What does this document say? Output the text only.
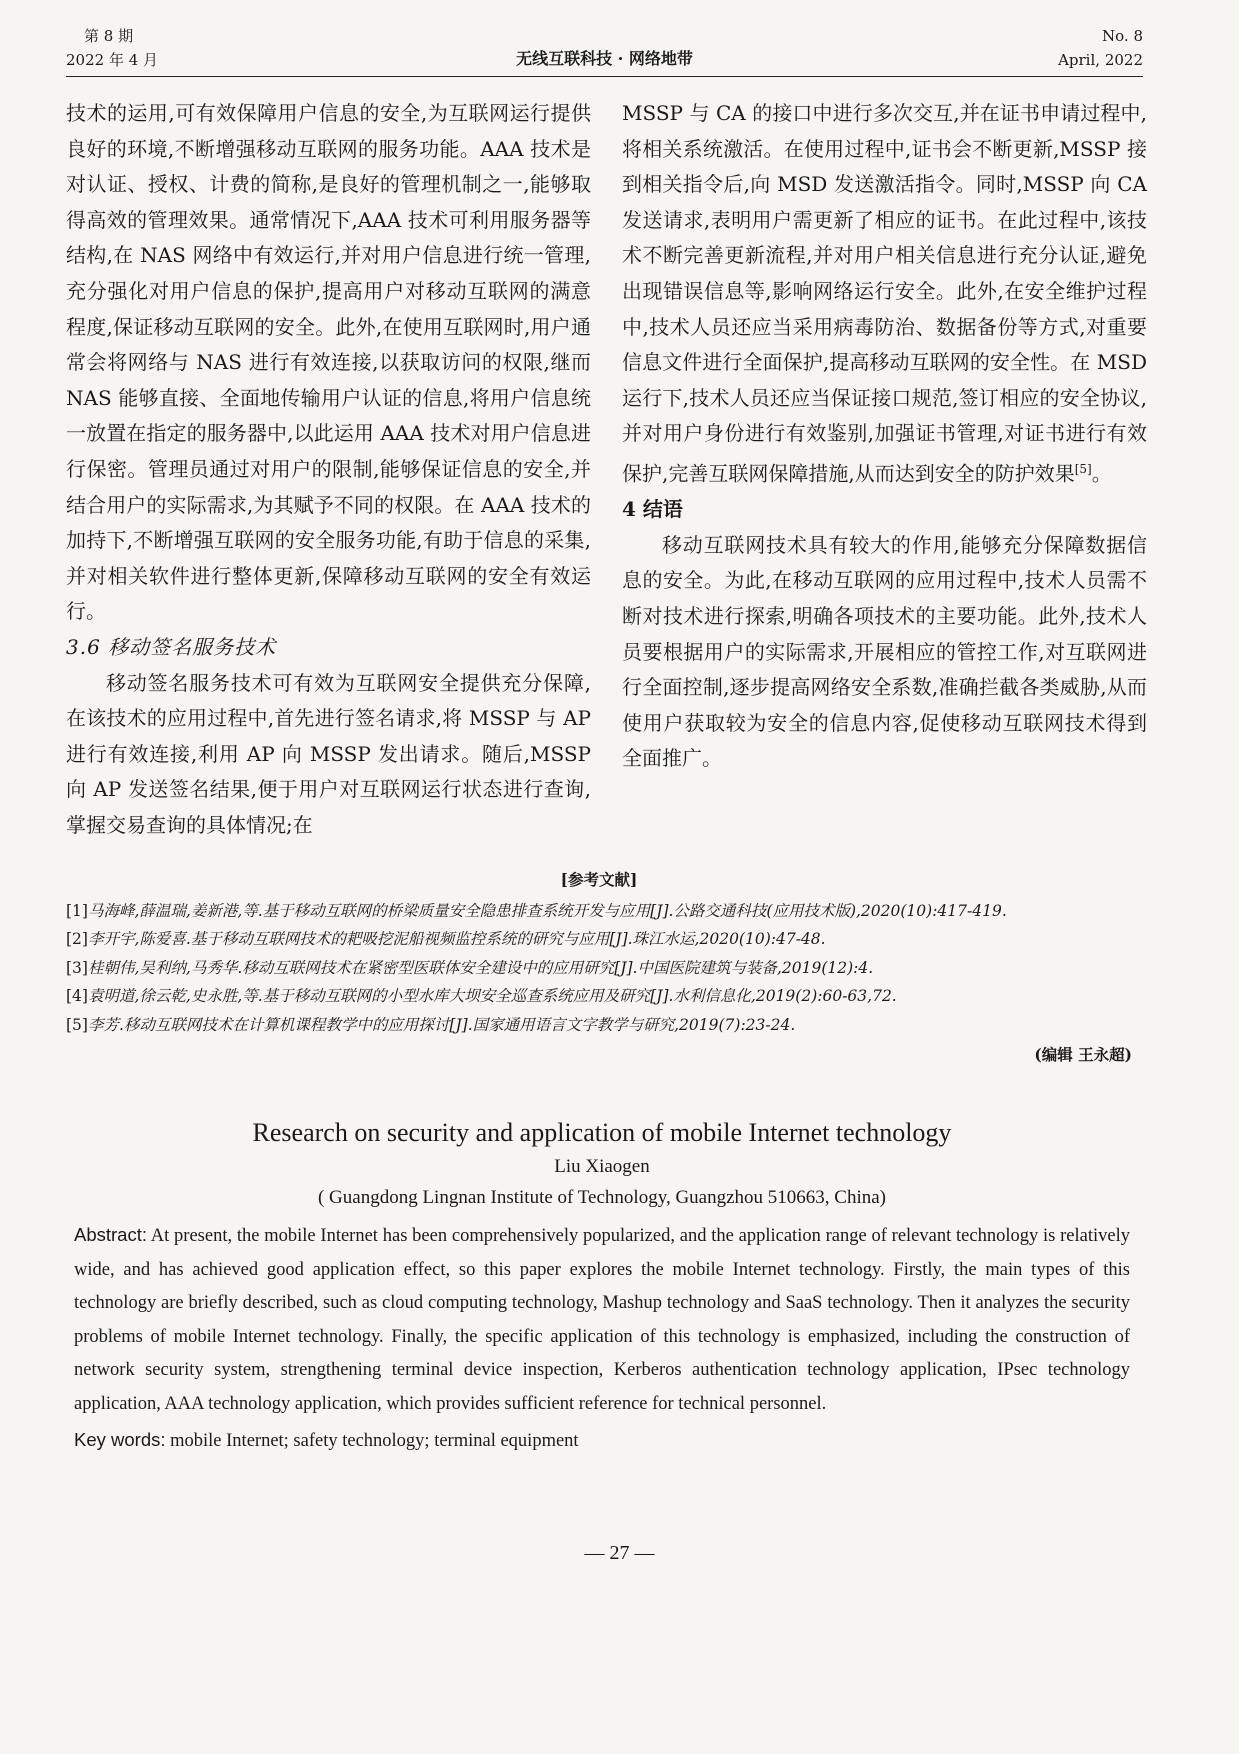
第 8 期
2022 年 4 月	无线互联科技 · 网络地带
No. 8
April, 2022

技术的运用,可有效保障用户信息的安全,为互联网运行提供良好的环境,不断增强移动互联网的服务功能。AAA 技术是对认证、授权、计费的简称,是良好的管理机制之一,能够取得高效的管理效果。通常情况下,AAA 技术可利用服务器等结构,在 NAS 网络中有效运行,并对用户信息进行统一管理,充分强化对用户信息的保护,提高用户对移动互联网的满意程度,保证移动互联网的安全。此外,在使用互联网时,用户通常会将网络与 NAS 进行有效连接,以获取访问的权限,继而 NAS 能够直接、全面地传输用户认证的信息,将用户信息统一放置在指定的服务器中,以此运用 AAA 技术对用户信息进行保密。管理员通过对用户的限制,能够保证信息的安全,并结合用户的实际需求,为其赋予不同的权限。在 AAA 技术的加持下,不断增强互联网的安全服务功能,有助于信息的采集,并对相关软件进行整体更新,保障移动互联网的安全有效运行。

3.6 移动签名服务技术

移动签名服务技术可有效为互联网安全提供充分保障,在该技术的应用过程中,首先进行签名请求,将 MSSP 与 AP 进行有效连接,利用 AP 向 MSSP 发出请求。随后,MSSP 向 AP 发送签名结果,便于用户对互联网运行状态进行查询,掌握交易查询的具体情况;在

MSSP 与 CA 的接口中进行多次交互,并在证书申请过程中,将相关系统激活。在使用过程中,证书会不断更新,MSSP 接到相关指令后,向 MSD 发送激活指令。同时,MSSP 向 CA 发送请求,表明用户需更新了相应的证书。在此过程中,该技术不断完善更新流程,并对用户相关信息进行充分认证,避免出现错误信息等,影响网络运行安全。此外,在安全维护过程中,技术人员还应当采用病毒防治、数据备份等方式,对重要信息文件进行全面保护,提高移动互联网的安全性。在 MSD 运行下,技术人员还应当保证接口规范,签订相应的安全协议,并对用户身份进行有效鉴别,加强证书管理,对证书进行有效保护,完善互联网保障措施,从而达到安全的防护效果[5]。

4 结语

移动互联网技术具有较大的作用,能够充分保障数据信息的安全。为此,在移动互联网的应用过程中,技术人员需不断对技术进行探索,明确各项技术的主要功能。此外,技术人员要根据用户的实际需求,开展相应的管控工作,对互联网进行全面控制,逐步提高网络安全系数,准确拦截各类威胁,从而使用户获取较为安全的信息内容,促使移动互联网技术得到全面推广。

[参考文献]
[1]马海峰,薛温瑞,姜新港,等.基于移动互联网的桥梁质量安全隐患排查系统开发与应用[J].公路交通科技(应用技术版),2020(10):417-419.
[2]李开宇,陈爱喜.基于移动互联网技术的耙吸挖泥船视频监控系统的研究与应用[J].珠江水运,2020(10):47-48.
[3]桂朝伟,吴利纳,马秀华.移动互联网技术在紧密型医联体安全建设中的应用研究[J].中国医院建筑与装备,2019(12):4.
[4]袁明道,徐云乾,史永胜,等.基于移动互联网的小型水库大坝安全巡查系统应用及研究[J].水利信息化,2019(2):60-63,72.
[5]李芳.移动互联网技术在计算机课程教学中的应用探讨[J].国家通用语言文字教学与研究,2019(7):23-24.
(编辑 王永超)
Research on security and application of mobile Internet technology
Liu Xiaogen
( Guangdong Lingnan Institute of Technology, Guangzhou 510663, China)
Abstract: At present, the mobile Internet has been comprehensively popularized, and the application range of relevant technology is relatively wide, and has achieved good application effect, so this paper explores the mobile Internet technology. Firstly, the main types of this technology are briefly described, such as cloud computing technology, Mashup technology and SaaS technology. Then it analyzes the security problems of mobile Internet technology. Finally, the specific application of this technology is emphasized, including the construction of network security system, strengthening terminal device inspection, Kerberos authentication technology application, IPsec technology application, AAA technology application, which provides sufficient reference for technical personnel.
Key words: mobile Internet; safety technology; terminal equipment
— 27 —
